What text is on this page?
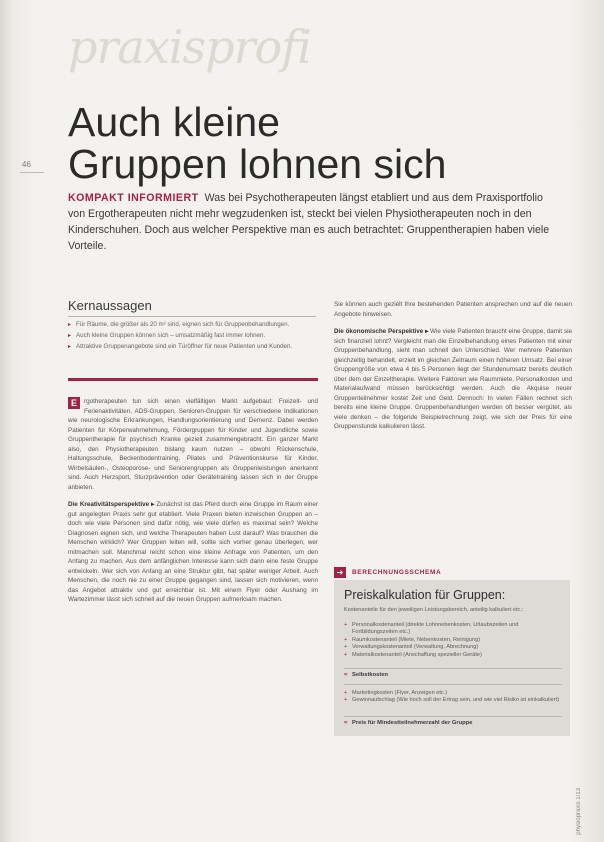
praxisprofi
46
Auch kleine Gruppen lohnen sich
KOMPAKT INFORMIERT Was bei Psychotherapeuten längst etabliert und aus dem Praxisportfolio von Ergotherapeuten nicht mehr wegzudenken ist, steckt bei vielen Physiotherapeuten noch in den Kinderschuhen. Doch aus welcher Perspektive man es auch betrachtet: Gruppentherapien haben viele Vorteile.
Kernaussagen
▸ Für Räume, die größer als 20 m² sind, eignen sich für Gruppenbehandlungen.
▸ Auch kleine Gruppen können sich – umsatzmäßig fast immer lohnen.
▸ Attraktive Gruppenangebote sind ein Türöffner für neue Patienten und Kunden.

E	rgotherapeuten tun sich einen vielfältigen Markt aufgebaut: Freizeit- und Ferienaktivitäten, ADS-Gruppen, Senioren-Gruppen für verschiedene Indikationen wie neurologische Erkrankungen, Handlungsorientierung und Demenz. Dabei werden Patienten für Körperwahrnehmung, Fördergruppen für Kinder und Jugendliche sowie Gruppentherapie für psychisch Kranke gezielt zusammengebracht. Ein ganzer Markt also, den Physiotherapeuten bislang kaum nutzen – obwohl Rückenschule, Haltungsschule, Beckenbodentraining, Pilates und Präventionskurse für Kinder, Wirbelsäulen-, Osteoporose- und Seniorengruppen als Gruppenleistungen anerkannt sind. Auch Herzsport, Sturzprävention oder Gerätetraining lassen sich in der Gruppe anbieten.

Die Kreativitätsperspektive ▸ Zunächst ist das Pferd durch eine Gruppe im Raum einer gut angelegten Praxis sehr gut etabliert. Viele Praxen bieten inzwischen Gruppen an – doch wie viele Personen sind dafür nötig, wie viele dürfen es maximal sein? Welche Diagnosen eignen sich, und welche Therapeuten haben Lust darauf? Was brauchen die Menschen wirklich? Wer Gruppen leiten will, sollte sich vorher genau überlegen, wer mitmachen soll. Manchmal reicht schon eine kleine Anfrage von Patienten, um den Anfang zu machen. Aus dem anfänglichen Interesse kann sich dann eine feste Gruppe entwickeln. Wer sich von Anfang an eine Struktur gibt, hat später weniger Arbeit. Auch Menschen, die noch nie zu einer Gruppe gegangen sind, lassen sich motivieren, wenn das Angebot attraktiv und gut erreichbar ist. Mit einem Flyer oder Aushang im Wartezimmer lässt sich schnell auf die neuen Gruppen aufmerksam machen.

Sie können auch gezielt Ihre bestehenden Patienten ansprechen und auf die neuen Angebote hinweisen.

Die ökonomische Perspektive ▸ Wie viele Patienten braucht eine Gruppe, damit sie sich finanziell lohnt? Vergleicht man die Einzelbehandlung eines Patienten mit einer Gruppenbehandlung, sieht man schnell den Unterschied. Wer mehrere Patienten gleichzeitig behandelt, erzielt im gleichen Zeitraum einen höheren Umsatz. Bei einer Gruppengröße von etwa 4 bis 5 Personen liegt der Stundenumsatz bereits deutlich über dem der Einzeltherapie. Weitere Faktoren wie Raummiete, Personalkosten und Materialaufwand müssen berücksichtigt werden. Auch die Akquise neuer Gruppenteilnehmer kostet Zeit und Geld. Dennoch: In vielen Fällen rechnet sich bereits eine kleine Gruppe. Gruppenbehandlungen werden oft besser vergütet, als viele denken – die folgende Beispielrechnung zeigt, wie sich der Preis für eine Gruppenstunde kalkulieren lässt.

➔	BERECHNUNGSSCHEMA
Preiskalkulation für Gruppen:

Kostenanteile für den jeweiligen Leistungsbereich, anteilig kalkuliert etc.:

+ Personalkostenanteil (direkte Lohnnebenkosten, Urlaubszeiten und Fortbildungszeiten etc.)
+ Raumkostenanteil (Miete, Nebenkosten, Reinigung)
+ Verwaltungskostenanteil (Verwaltung, Abrechnung)
+ Materialkostenanteil (Anschaffung spezieller Geräte)
= Selbstkosten
+ Marketingkosten (Flyer, Anzeigen etc.)
+ Gewinnaufschlag (Wie hoch soll der Ertrag sein, und wie viel Risiko ist einkalkuliert)
= Preis für Mindestteilnehmerzahl der Gruppe
physiopraxis 1/13
